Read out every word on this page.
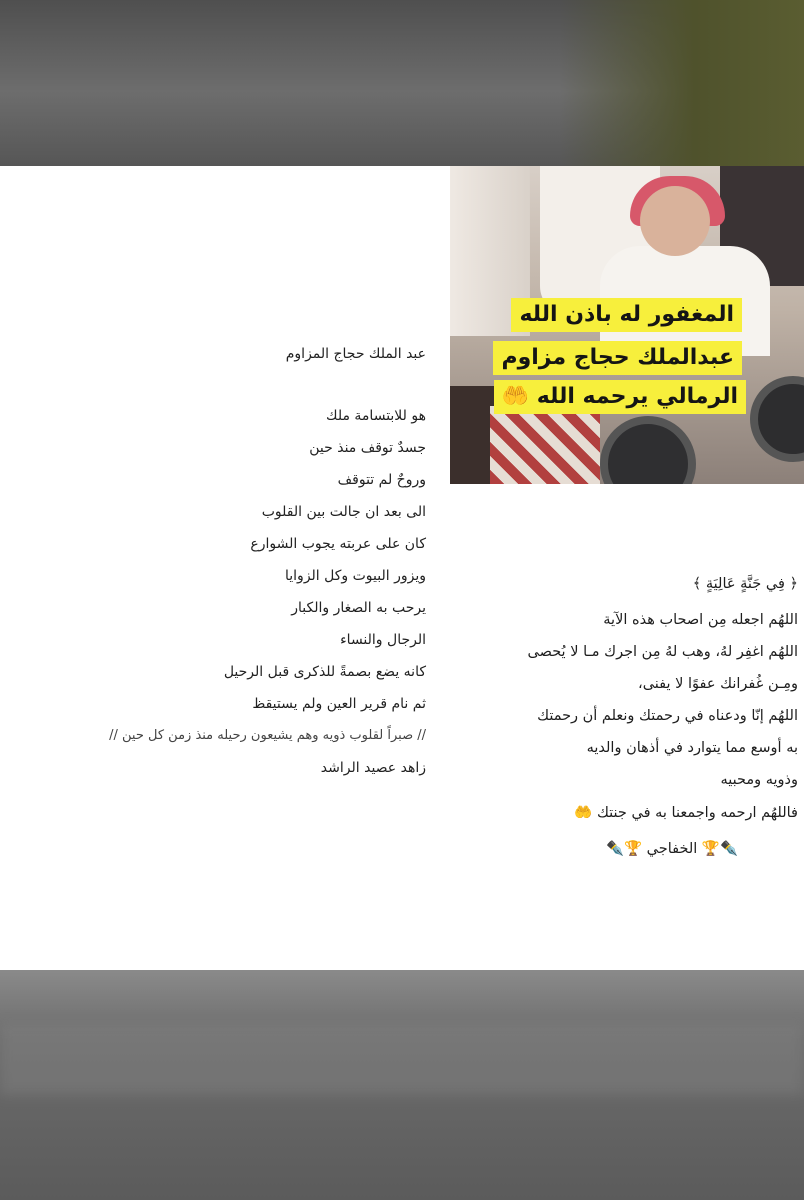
المغفور له باذن الله
عبدالملك حجاج مزاوم
الرمالي يرحمه الله 🤲
عبد الملك حجاج المزاوم
هو للابتسامة ملك
جسدٌ توقف منذ حين
وروحٌ لم تتوقف
الى بعد ان جالت بين القلوب
كان على عربته يجوب الشوارع
ويزور البيوت وكل الزوايا
يرحب به الصغار والكبار
الرجال والنساء
كانه يضع بصمةً للذكرى قبل الرحيل
ثم نام قرير العين ولم يستيقظ
// صبراً لقلوب ذويه وهم يشيعون رحيله منذ زمن كل حين //
زاهد عصيد الراشد
﴿ فِي جَنَّةٍ عَالِيَةٍ ﴾
اللهُم اجعله مِن اصحاب هذه الآية
اللهُم اغفِر لهُ، وهب لهُ مِن اجرك مـا لا يُحصى
ومِـن غُفرانك عفوًا لا يفنى،
اللهُم إنّا ودعناه في رحمتك ونعلم أن رحمتك
به أوسع مما يتوارد في أذهان والديه
وذويه ومحبيه
فاللهُم ارحمه واجمعنا به في جنتك 🤲
✒️🏆 الخفاجي 🏆✒️
